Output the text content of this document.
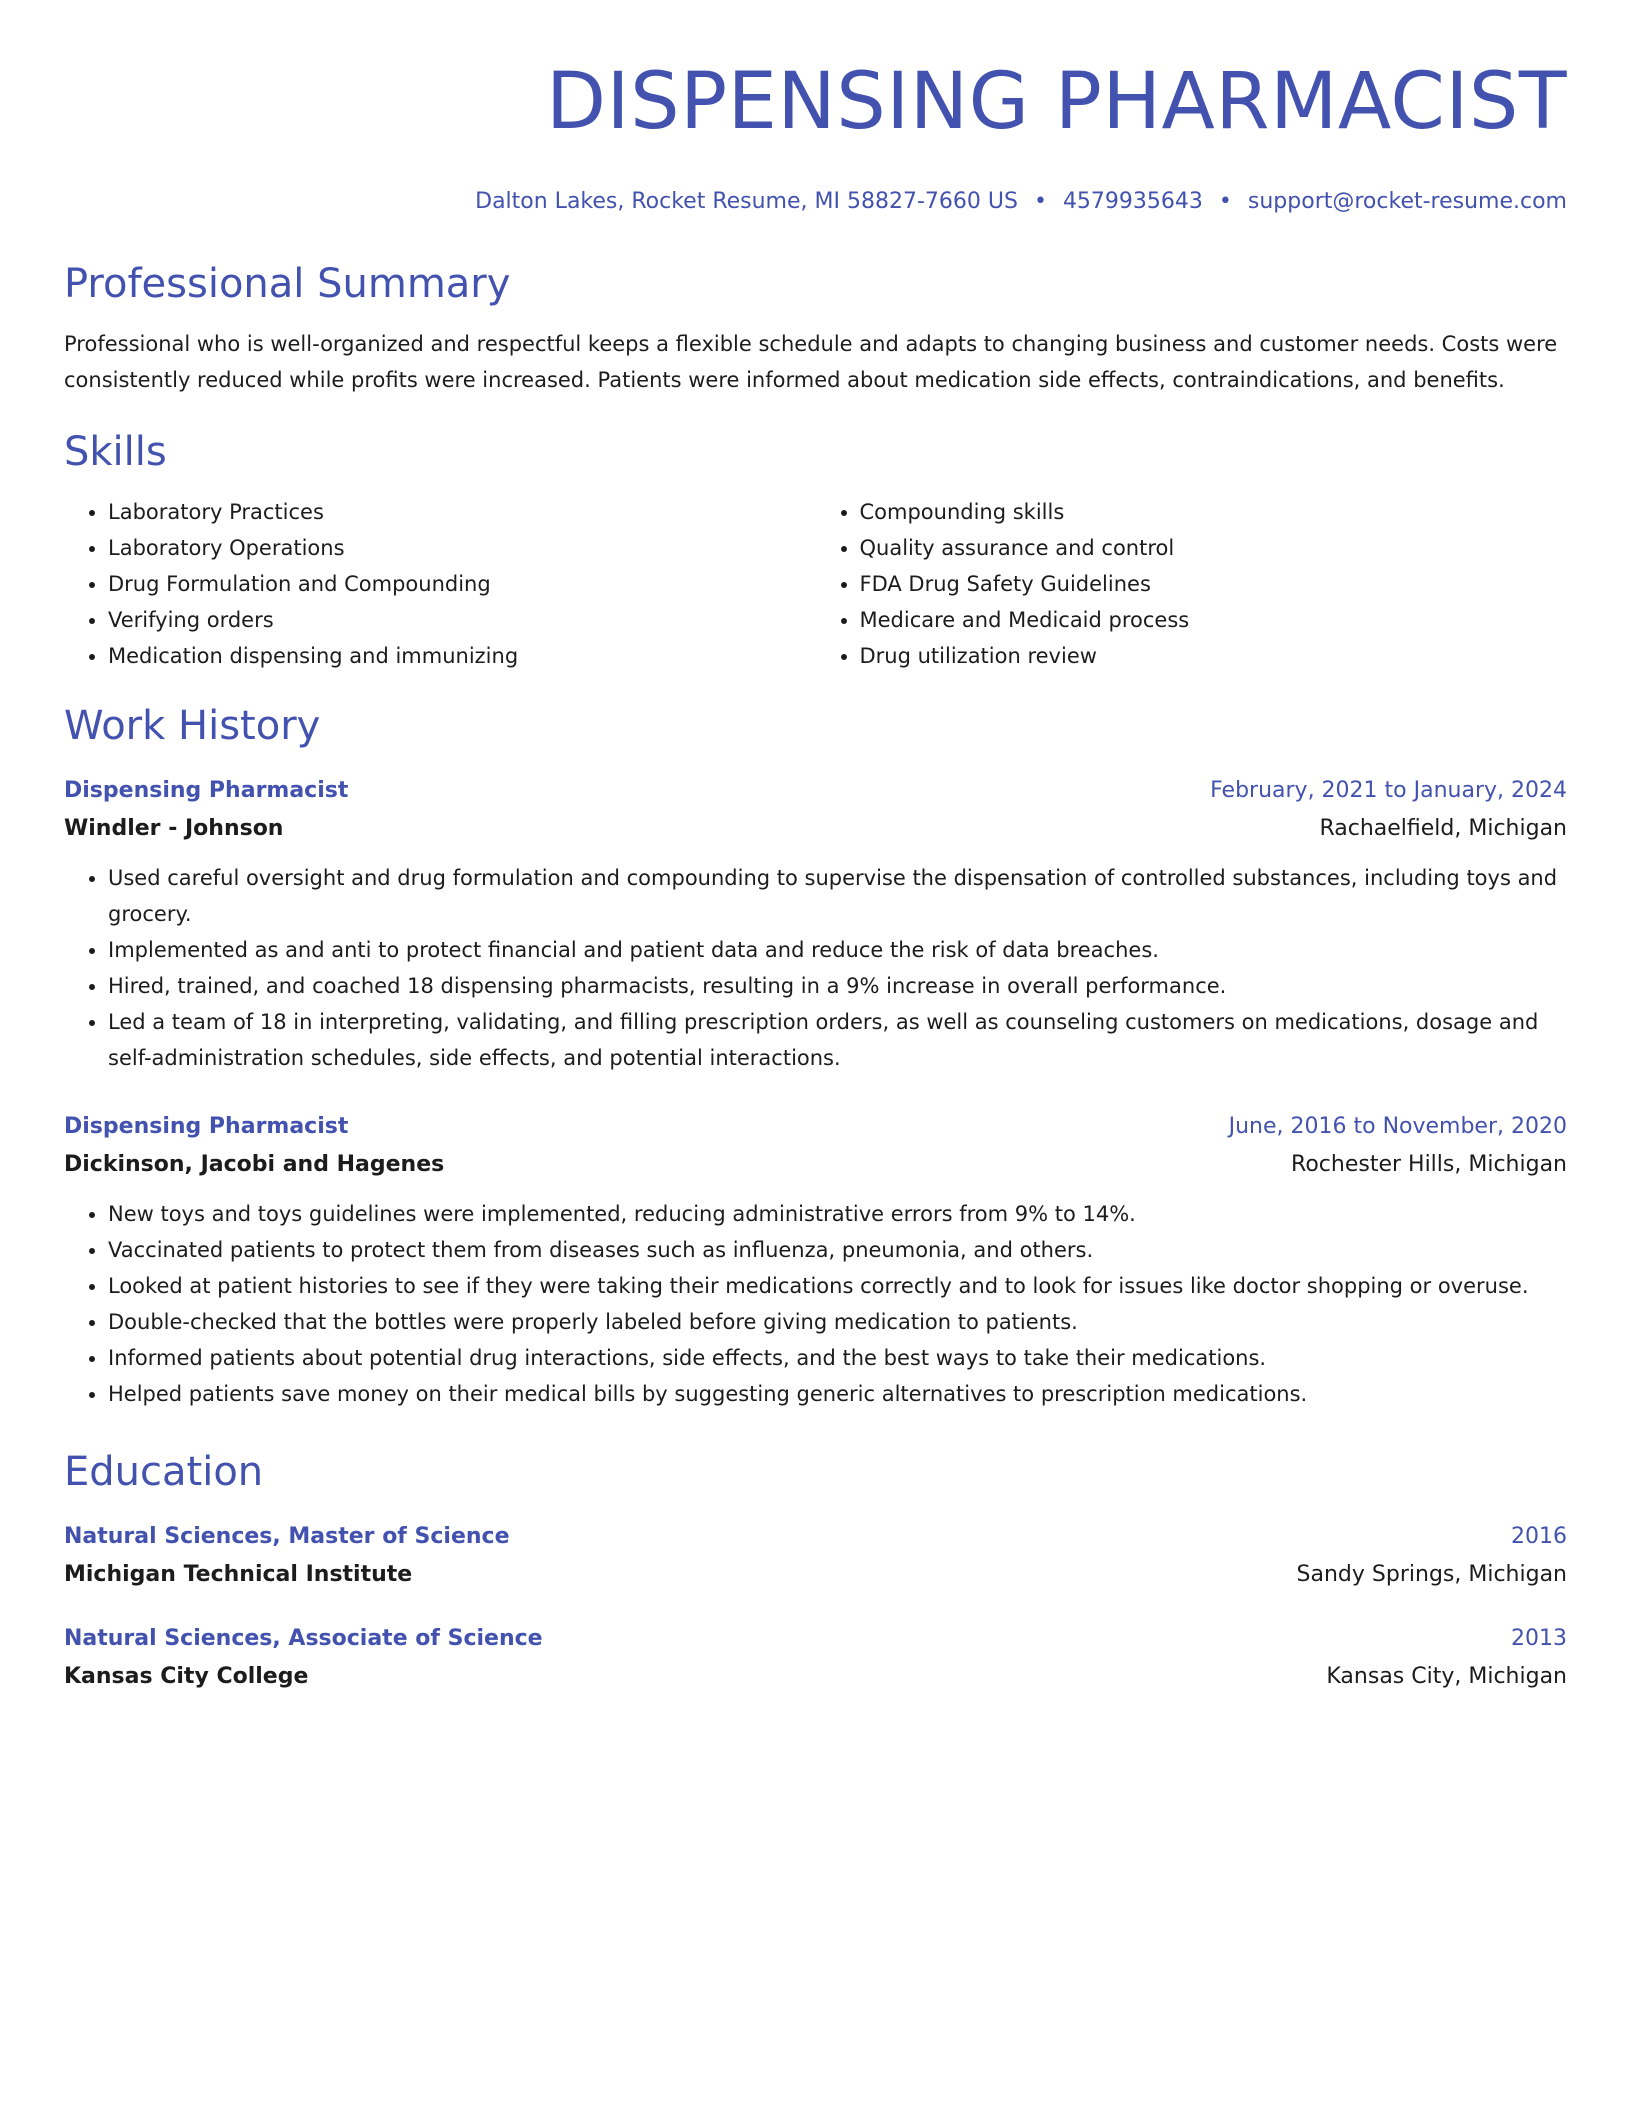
DISPENSING PHARMACIST
Dalton Lakes, Rocket Resume, MI 58827-7660 US • 4579935643 • support@rocket-resume.com
Professional Summary

Professional who is well-organized and respectful keeps a flexible schedule and adapts to changing business and customer needs. Costs were consistently reduced while profits were increased. Patients were informed about medication side effects, contraindications, and benefits.

Skills
• Laboratory Practices
• Laboratory Operations
• Drug Formulation and Compounding
• Verifying orders
• Medication dispensing and immunizing
• Compounding skills
• Quality assurance and control
• FDA Drug Safety Guidelines
• Medicare and Medicaid process
• Drug utilization review
Work History
Dispensing Pharmacist	February, 2021 to January, 2024
Windler - Johnson	Rachaelfield, Michigan
• Used careful oversight and drug formulation and compounding to supervise the dispensation of controlled substances, including toys and grocery.
• Implemented as and anti to protect financial and patient data and reduce the risk of data breaches.
• Hired, trained, and coached 18 dispensing pharmacists, resulting in a 9% increase in overall performance.
• Led a team of 18 in interpreting, validating, and filling prescription orders, as well as counseling customers on medications, dosage and self-administration schedules, side effects, and potential interactions.
Dispensing Pharmacist	June, 2016 to November, 2020
Dickinson, Jacobi and Hagenes	Rochester Hills, Michigan
• New toys and toys guidelines were implemented, reducing administrative errors from 9% to 14%.
• Vaccinated patients to protect them from diseases such as influenza, pneumonia, and others.
• Looked at patient histories to see if they were taking their medications correctly and to look for issues like doctor shopping or overuse.
• Double-checked that the bottles were properly labeled before giving medication to patients.
• Informed patients about potential drug interactions, side effects, and the best ways to take their medications.
• Helped patients save money on their medical bills by suggesting generic alternatives to prescription medications.
Education
Natural Sciences, Master of Science	2016
Michigan Technical Institute	Sandy Springs, Michigan
Natural Sciences, Associate of Science	2013
Kansas City College	Kansas City, Michigan
